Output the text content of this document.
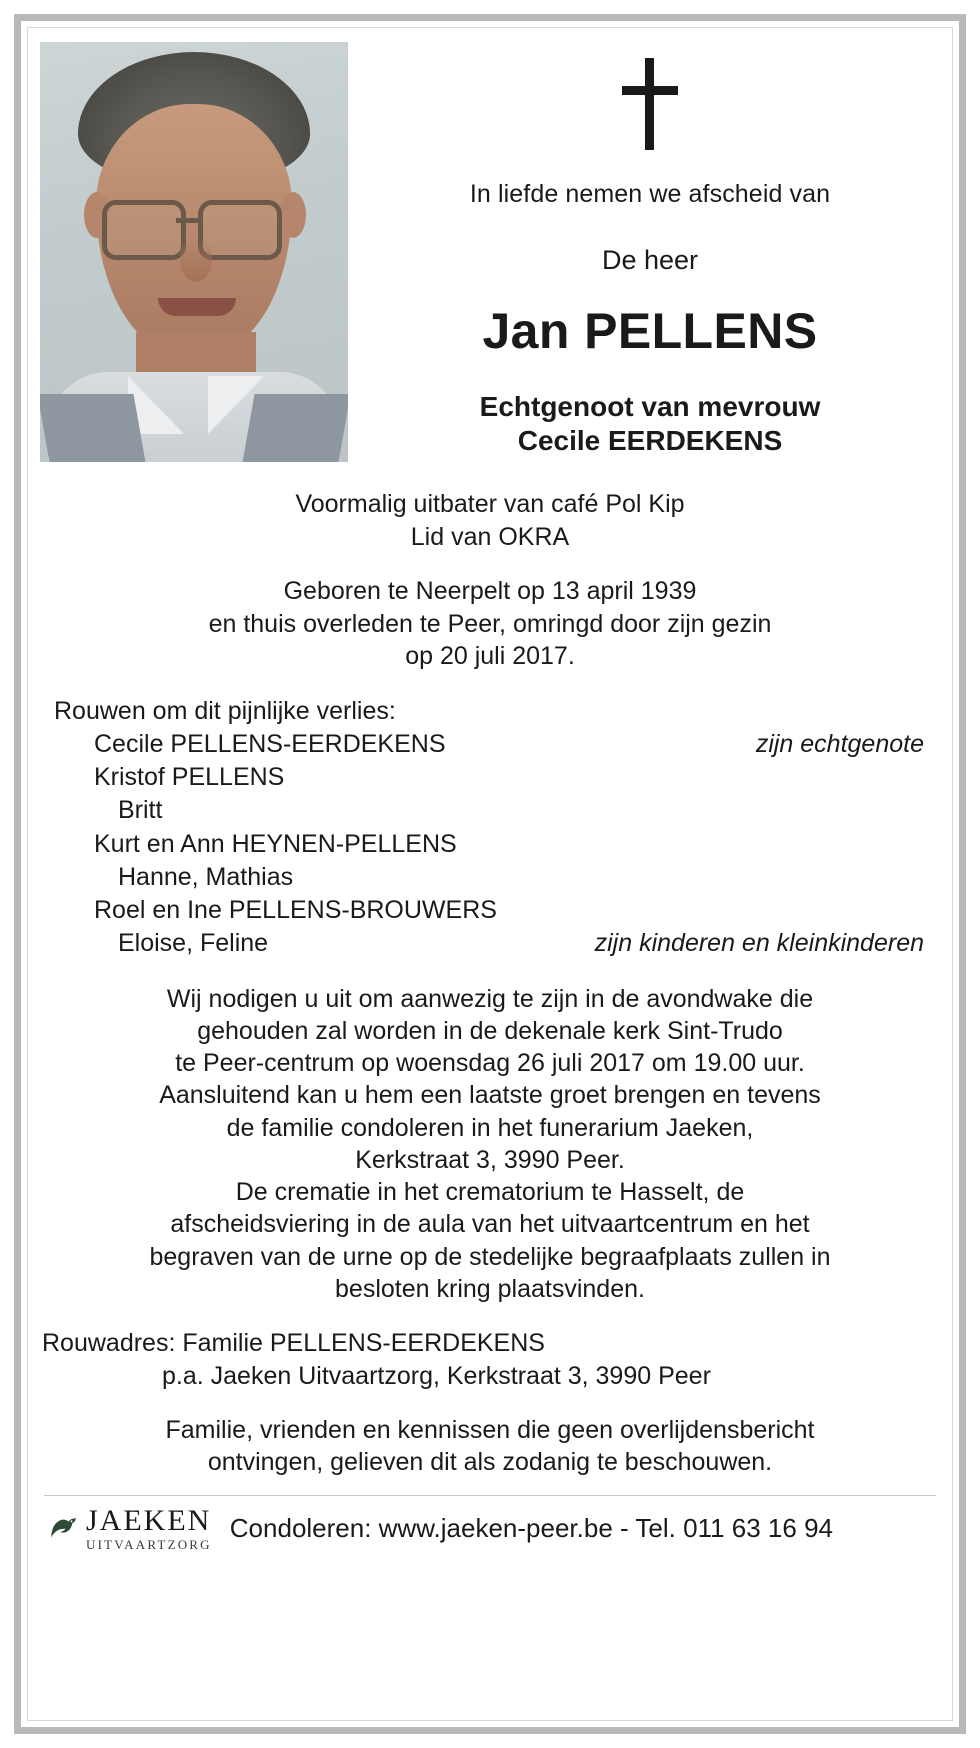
In liefde nemen we afscheid van
De heer
Jan PELLENS
Echtgenoot van mevrouw
Cecile EERDEKENS
Voormalig uitbater van café Pol Kip
Lid van OKRA
Geboren te Neerpelt op 13 april 1939
en thuis overleden te Peer, omringd door zijn gezin
op 20 juli 2017.
Rouwen om dit pijnlijke verlies:
Cecile PELLENS-EERDEKENS	zijn echtgenote
Kristof PELLENS
Britt
Kurt en Ann HEYNEN-PELLENS
Hanne, Mathias
Roel en Ine PELLENS-BROUWERS
Eloise, Feline	zijn kinderen en kleinkinderen
Wij nodigen u uit om aanwezig te zijn in de avondwake die
gehouden zal worden in de dekenale kerk Sint-Trudo
te Peer-centrum op woensdag 26 juli 2017 om 19.00 uur.
Aansluitend kan u hem een laatste groet brengen en tevens
de familie condoleren in het funerarium Jaeken,
Kerkstraat 3, 3990 Peer.
De crematie in het crematorium te Hasselt, de
afscheidsviering in de aula van het uitvaartcentrum en het
begraven van de urne op de stedelijke begraafplaats zullen in
besloten kring plaatsvinden.
Rouwadres: Familie PELLENS-EERDEKENS
p.a. Jaeken Uitvaartzorg, Kerkstraat 3, 3990 Peer
Familie, vrienden en kennissen die geen overlijdensbericht
ontvingen, gelieven dit als zodanig te beschouwen.
JAEKEN
UITVAARTZORG
Condoleren: www.jaeken-peer.be - Tel. 011 63 16 94
